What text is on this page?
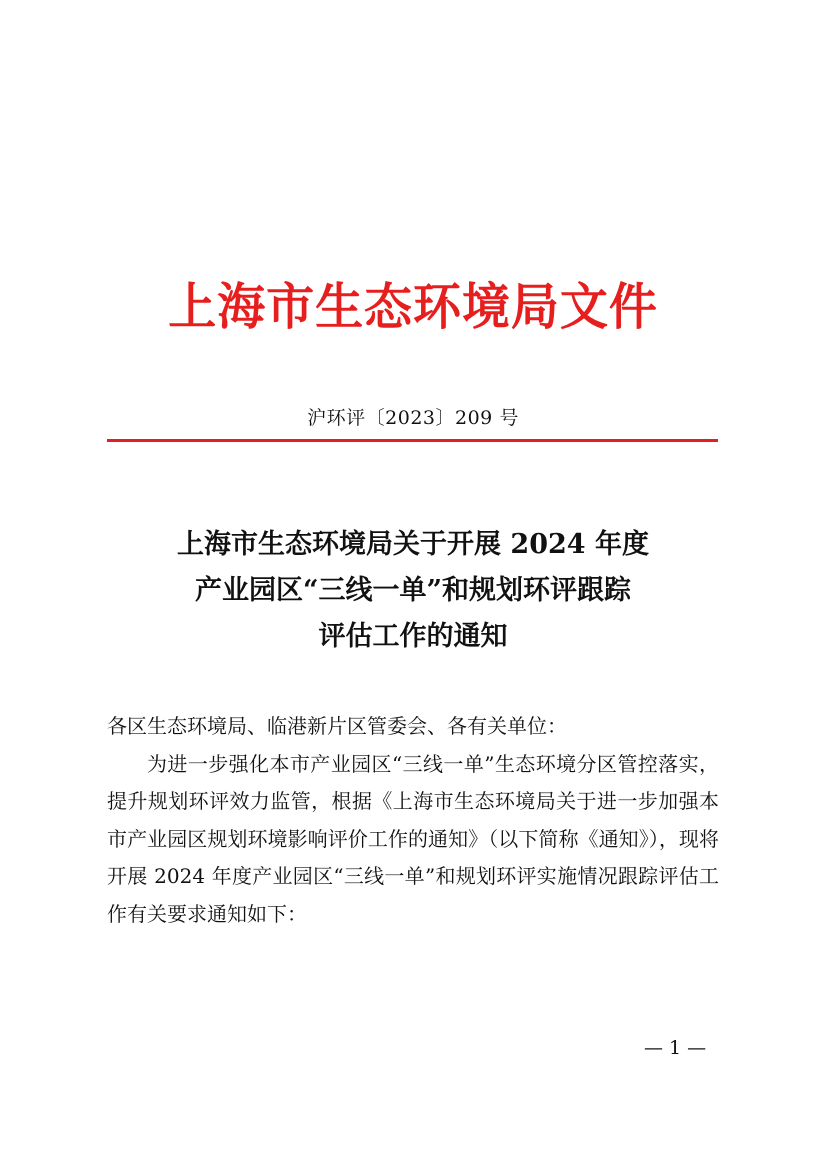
上海市生态环境局文件
沪环评〔2023〕209 号
上海市生态环境局关于开展 2024 年度
产业园区“三线一单”和规划环评跟踪
评估工作的通知
各区生态环境局、临港新片区管委会、各有关单位：
为进一步强化本市产业园区“三线一单”生态环境分区管控落实，提升规划环评效力监管，根据《上海市生态环境局关于进一步加强本市产业园区规划环境影响评价工作的通知》（以下简称《通知》），现将开展 2024 年度产业园区“三线一单”和规划环评实施情况跟踪评估工作有关要求通知如下：
— 1 —
